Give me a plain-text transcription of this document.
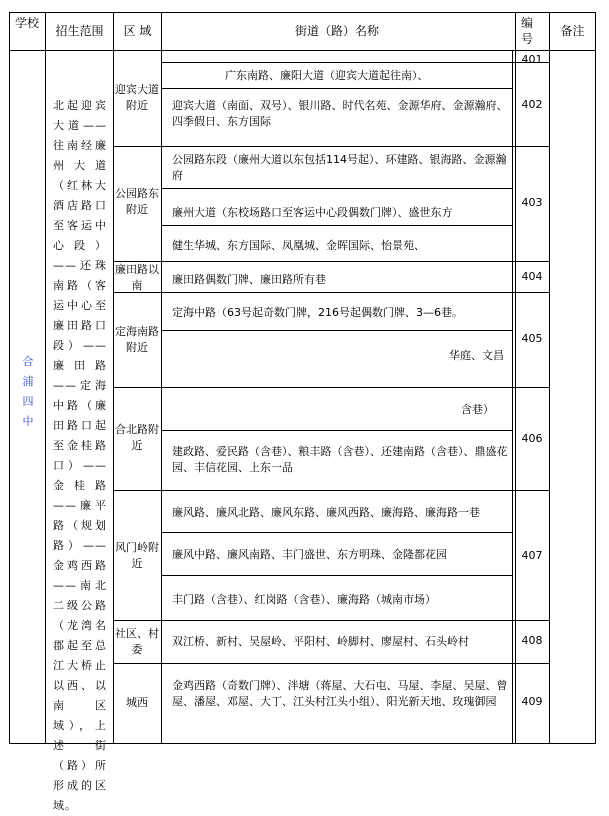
学校
招生范围	区 域	街道（路）名称
编号
备注
合浦四中
北起迎宾大道——往南经廉州大道（红林大酒店路口至客运中心段）——还珠南路（客运中心至廉田路口段）——廉田路——定海中路（廉田路口起至金桂路口）——金桂路——廉平路（规划路）——金鸡西路——南北二级公路（龙湾名郡起至总江大桥止以西、以南区域），上述街（路）所形成的区域。
迎宾大道附近
公园路东附近
廉田路以南
定海南路附近
合北路附近
风门岭附近
社区、村委
城西
广东南路、廉阳大道（迎宾大道起往南）、
迎宾大道（南面、双号）、银川路、时代名苑、金源华府、金源瀚府、四季假日、东方国际
公园路东段（廉州大道以东包括114号起）、环建路、银海路、金源瀚府
廉州大道（东校场路口至客运中心段偶数门牌）、盛世东方
健生华城、东方国际、凤凰城、金晖国际、怡景苑、
廉田路偶数门牌、廉田路所有巷
定海中路（63号起奇数门牌，216号起偶数门牌、3—6巷。
华庭、文昌
含巷）
建政路、爱民路（含巷）、粮丰路（含巷）、还建南路（含巷）、鼎盛花园、丰信花园、上东一品
廉风路、廉风北路、廉风东路、廉风西路、廉海路、廉海路一巷
廉风中路、廉风南路、丰门盛世、东方明珠、金隆都花园
丰门路（含巷）、红岗路（含巷）、廉海路（城南市场）
双江桥、新村、吴屋岭、平阳村、岭脚村、廖屋村、石头岭村
金鸡西路（奇数门牌）、泮塘（蒋屋、大石屯、马屋、李屋、吴屋、曾屋、潘屋、邓屋、大丁、江头村江头小组）、阳光新天地、玫瑰御园
401
402
403
404
405
406
407
408
409
